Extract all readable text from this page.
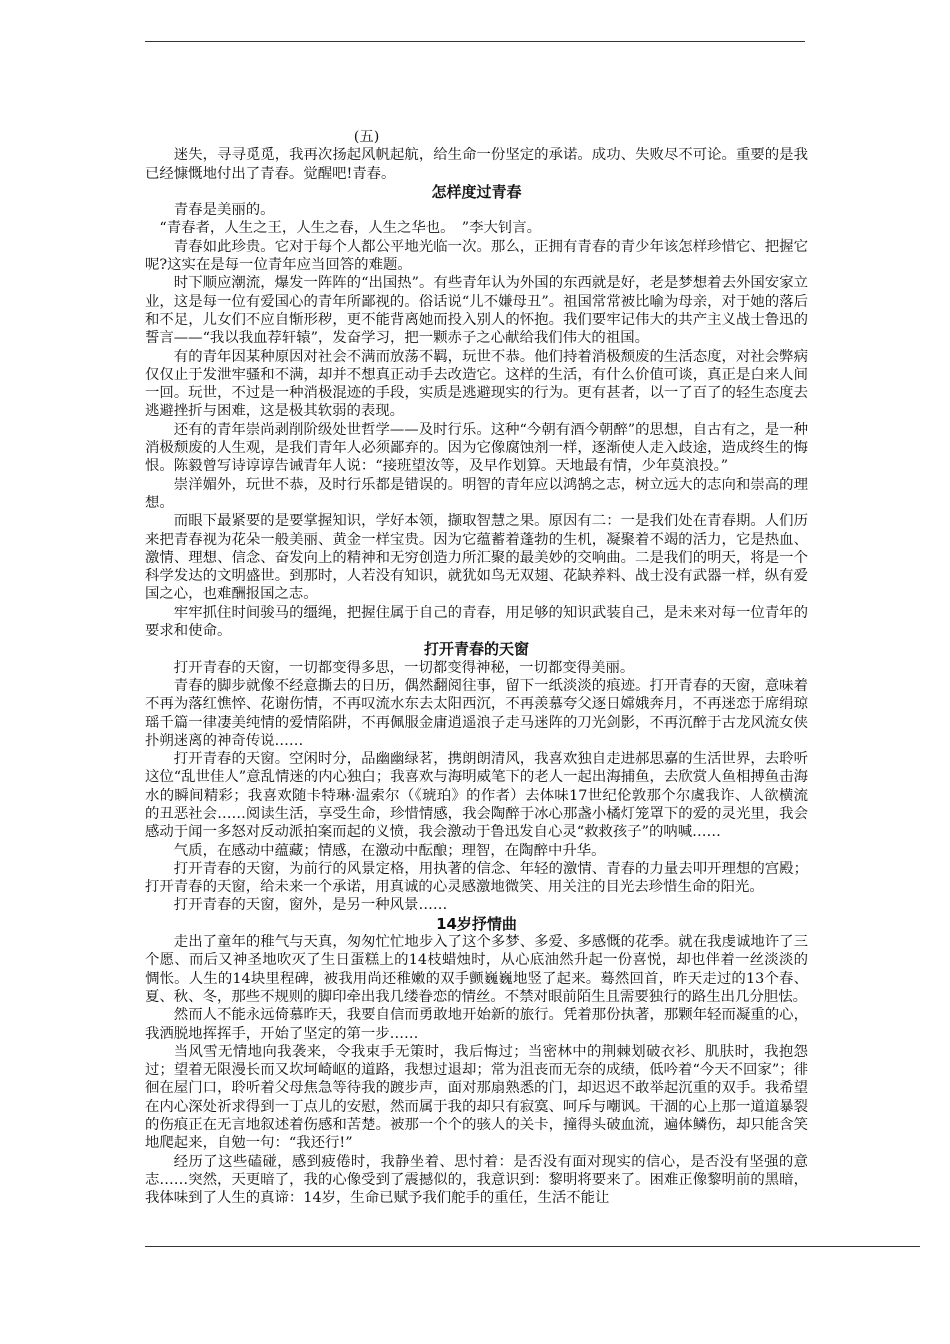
(五)

迷失，寻寻觅觅，我再次扬起风帆起航，给生命一份坚定的承诺。成功、失败尽不可论。重要的是我已经慷慨地付出了青春。觉醒吧!青春。

怎样度过青春

青春是美丽的。

“青春者，人生之王，人生之春，人生之华也。　”李大钊言。

青春如此珍贵。它对于每个人都公平地光临一次。那么，正拥有青春的青少年该怎样珍惜它、把握它呢?这实在是每一位青年应当回答的难题。

时下顺应潮流，爆发一阵阵的“出国热”。有些青年认为外国的东西就是好，老是梦想着去外国安家立业，这是每一位有爱国心的青年所鄙视的。俗话说“儿不嫌母丑”。祖国常常被比喻为母亲，对于她的落后和不足，儿女们不应自惭形秽，更不能背离她而投入别人的怀抱。我们要牢记伟大的共产主义战士鲁迅的誓言——“我以我血荐轩辕”，发奋学习，把一颗赤子之心献给我们伟大的祖国。

有的青年因某种原因对社会不满而放荡不羁，玩世不恭。他们持着消极颓废的生活态度，对社会弊病仅仅止于发泄牢骚和不满，却并不想真正动手去改造它。这样的生活，有什么价值可谈，真正是白来人间一回。玩世，不过是一种消极混迹的手段，实质是逃避现实的行为。更有甚者，以一了百了的轻生态度去逃避挫折与困难，这是极其软弱的表现。

还有的青年崇尚剥削阶级处世哲学——及时行乐。这种“今朝有酒今朝醉”的思想，自古有之，是一种消极颓废的人生观，是我们青年人必须鄙弃的。因为它像腐蚀剂一样，逐渐使人走入歧途，造成终生的悔恨。陈毅曾写诗谆谆告诫青年人说：“接班望汝等，及早作划算。天地最有情，少年莫浪投。”

崇洋媚外，玩世不恭，及时行乐都是错误的。明智的青年应以鸿鹄之志，树立远大的志向和崇高的理想。

而眼下最紧要的是要掌握知识，学好本领，撷取智慧之果。原因有二：一是我们处在青春期。人们历来把青春视为花朵一般美丽、黄金一样宝贵。因为它蕴蓄着蓬勃的生机，凝聚着不竭的活力，它是热血、激情、理想、信念、奋发向上的精神和无穷创造力所汇聚的最美妙的交响曲。二是我们的明天，将是一个科学发达的文明盛世。到那时，人若没有知识，就犹如鸟无双翅、花缺养料、战士没有武器一样，纵有爱国之心，也难酬报国之志。

牢牢抓住时间骏马的缰绳，把握住属于自己的青春，用足够的知识武装自己，是未来对每一位青年的要求和使命。

打开青春的天窗

打开青春的天窗，一切都变得多思，一切都变得神秘，一切都变得美丽。

青春的脚步就像不经意撕去的日历，偶然翻阅往事，留下一纸淡淡的痕迹。打开青春的天窗，意味着不再为落红憔悴、花谢伤情，不再叹流水东去太阳西沉，不再羡慕夸父逐日嫦娥奔月，不再迷恋于席绢琼瑶千篇一律凄美纯情的爱情陷阱，不再佩服金庸逍遥浪子走马迷阵的刀光剑影，不再沉醉于古龙风流女侠扑朔迷离的神奇传说……

打开青春的天窗。空闲时分，品幽幽绿茗，携朗朗清风，我喜欢独自走进郝思嘉的生活世界，去聆听这位“乱世佳人”意乱情迷的内心独白；我喜欢与海明威笔下的老人一起出海捕鱼，去欣赏人鱼相搏鱼击海水的瞬间精彩；我喜欢随卡特琳·温索尔（《琥珀》的作者）去体味17世纪伦敦那个尔虞我诈、人欲横流的丑恶社会……阅读生活，享受生命，珍惜情感，我会陶醉于冰心那盏小橘灯笼罩下的爱的灵光里，我会感动于闻一多怒对反动派拍案而起的义愤，我会激动于鲁迅发自心灵“救救孩子”的呐喊……

气质，在感动中蕴藏；情感，在激动中酝酿；理智，在陶醉中升华。

打开青春的天窗，为前行的风景定格，用执著的信念、年轻的激情、青春的力量去叩开理想的宫殿；打开青春的天窗，给未来一个承诺，用真诚的心灵感激地微笑、用关注的目光去珍惜生命的阳光。

打开青春的天窗，窗外，是另一种风景……

14岁抒情曲

走出了童年的稚气与天真，匆匆忙忙地步入了这个多梦、多爱、多感慨的花季。就在我虔诚地许了三个愿、而后又神圣地吹灭了生日蛋糕上的14枝蜡烛时，从心底油然升起一份喜悦，却也伴着一丝淡淡的惆怅。人生的14块里程碑，被我用尚还稚嫩的双手颤巍巍地竖了起来。蓦然回首，昨天走过的13个春、夏、秋、冬，那些不规则的脚印牵出我几缕眷恋的情丝。不禁对眼前陌生且需要独行的路生出几分胆怯。

然而人不能永远倚慕昨天，我要自信而勇敢地开始新的旅行。凭着那份执著，那颗年轻而凝重的心，我洒脱地挥挥手，开始了坚定的第一步……

当风雪无情地向我袭来，令我束手无策时，我后悔过；当密林中的荆棘划破衣衫、肌肤时，我抱怨过；望着无限漫长而又坎坷崎岖的道路，我想过退却；常为沮丧而无奈的成绩，低吟着“今天不回家”；徘徊在屋门口，聆听着父母焦急等待我的踱步声，面对那扇熟悉的门，却迟迟不敢举起沉重的双手。我希望在内心深处祈求得到一丁点儿的安慰，然而属于我的却只有寂寞、呵斥与嘲讽。干涸的心上那一道道暴裂的伤痕正在无言地叙述着伤感和苦楚。被那一个个的骇人的关卡，撞得头破血流，遍体鳞伤，却只能含笑地爬起来，自勉一句：“我还行!”

经历了这些磕碰，感到疲倦时，我静坐着、思忖着：是否没有面对现实的信心，是否没有坚强的意志……突然，天更暗了，我的心像受到了震撼似的，我意识到：黎明将要来了。困难正像黎明前的黑暗，我体味到了人生的真谛：14岁，生命已赋予我们舵手的重任，生活不能让
